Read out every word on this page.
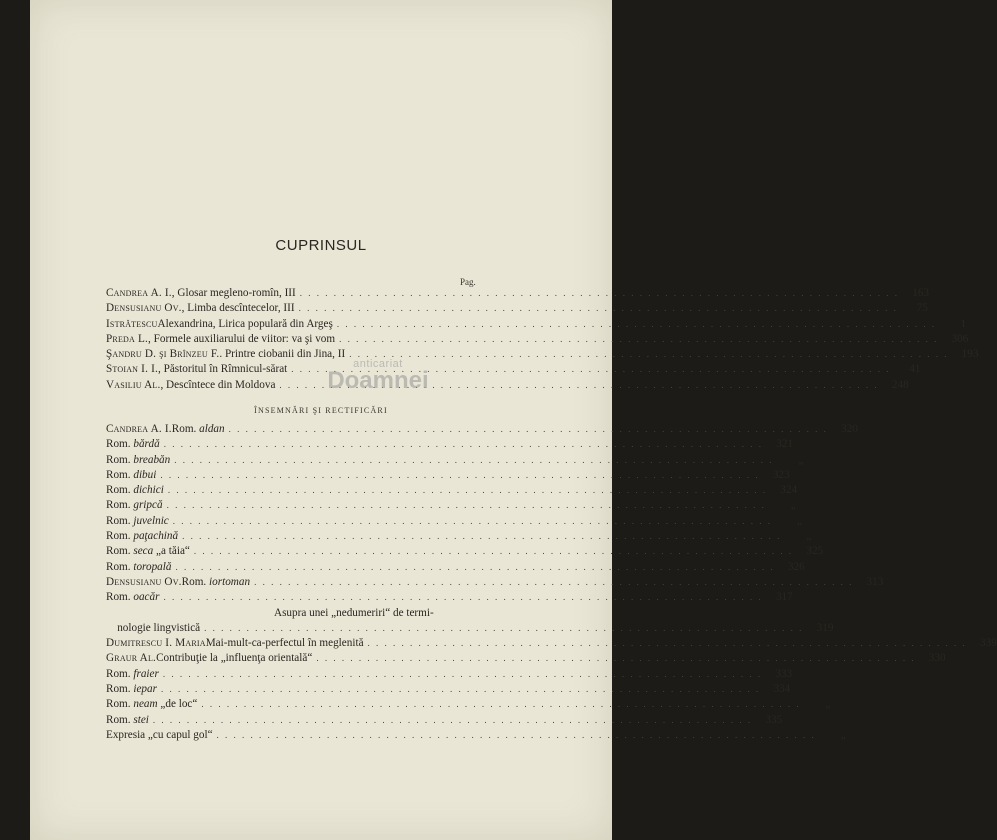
CUPRINSUL
Pag.
Candrea A. I. , Glosar megleno-romîn, III . . .	163
Densusianu Ov. , Limba descîntecelor, III . . .	75
Istrătescu Alexandrina, Lirica populară din Argeş . . .	1
Preda L. , Formele auxiliarului de viitor: va şi vom . . .	306
Şandru D. şi Brînzeu F. . Printre ciobanii din Jina, II . . .	193
Stoian I. I. , Păstoritul în Rîmnicul-sărat . . .	41
Vasiliu Al. , Descîntece din Moldova . . .	248
anticariat
Doamnei
ÎNSEMNĂRI ŞI RECTIFICĂRI
Candrea A. I. Rom. aldan . . .	320
Rom. bărdă . . .	321
Rom. breabăn . . .	„
Rom. dibui . . .	323
Rom. dichici . . .	324
Rom. gripcă . . .	„
Rom. juvelnic . . .	„
Rom. paţachină . . .	„
Rom. seca „a tăia“ . . .	325
Rom. toropală . . .	326
Densusianu Ov. Rom. iortoman . . .	313
Rom. oacăr . . .	317
Asupra unei „nedumeriri“ de termi-
nologie lingvistică . . .	319
Dumitrescu I. Maria Mai-mult-ca-perfectul în meglenită . . .	339
Graur Al. Contribuţie la „influenţa orientală“ . . .	330
Rom. fraier . . .	333
Rom. iepar . . .	334
Rom. neam „de loc“ . . .	„
Rom. stei . . .	335
Expresia „cu capul gol“ . . .	„
